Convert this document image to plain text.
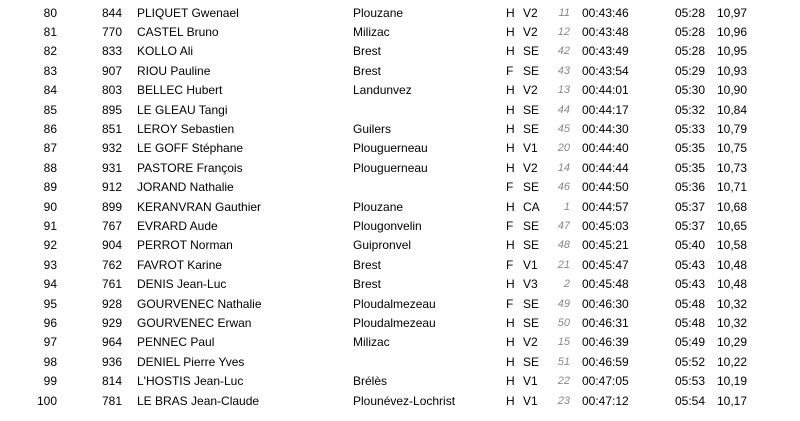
80	844	PLIQUET Gwenael	Plouzane	H	V2	11	00:43:46	05:28	10,97
81	770	CASTEL Bruno	Milizac	H	V2	12	00:43:48	05:28	10,96
82	833	KOLLO Ali	Brest	H	SE	42	00:43:49	05:28	10,95
83	907	RIOU Pauline	Brest	F	SE	43	00:43:54	05:29	10,93
84	803	BELLEC Hubert	Landunvez	H	V2	13	00:44:01	05:30	10,90
85	895	LE GLEAU Tangi		H	SE	44	00:44:17	05:32	10,84
86	851	LEROY Sebastien	Guilers	H	SE	45	00:44:30	05:33	10,79
87	932	LE GOFF Stéphane	Plouguerneau	H	V1	20	00:44:40	05:35	10,75
88	931	PASTORE François	Plouguerneau	H	V2	14	00:44:44	05:35	10,73
89	912	JORAND Nathalie		F	SE	46	00:44:50	05:36	10,71
90	899	KERANVRAN Gauthier	Plouzane	H	CA	1	00:44:57	05:37	10,68
91	767	EVRARD Aude	Plougonvelin	F	SE	47	00:45:03	05:37	10,65
92	904	PERROT Norman	Guipronvel	H	SE	48	00:45:21	05:40	10,58
93	762	FAVROT Karine	Brest	F	V1	21	00:45:47	05:43	10,48
94	761	DENIS Jean-Luc	Brest	H	V3	2	00:45:48	05:43	10,48
95	928	GOURVENEC Nathalie	Ploudalmezeau	F	SE	49	00:46:30	05:48	10,32
96	929	GOURVENEC Erwan	Ploudalmezeau	H	SE	50	00:46:31	05:48	10,32
97	964	PENNEC Paul	Milizac	H	V2	15	00:46:39	05:49	10,29
98	936	DENIEL Pierre Yves		H	SE	51	00:46:59	05:52	10,22
99	814	L'HOSTIS Jean-Luc	Brélès	H	V1	22	00:47:05	05:53	10,19
100	781	LE BRAS Jean-Claude	Plounévez-Lochrist	H	V1	23	00:47:12	05:54	10,17
